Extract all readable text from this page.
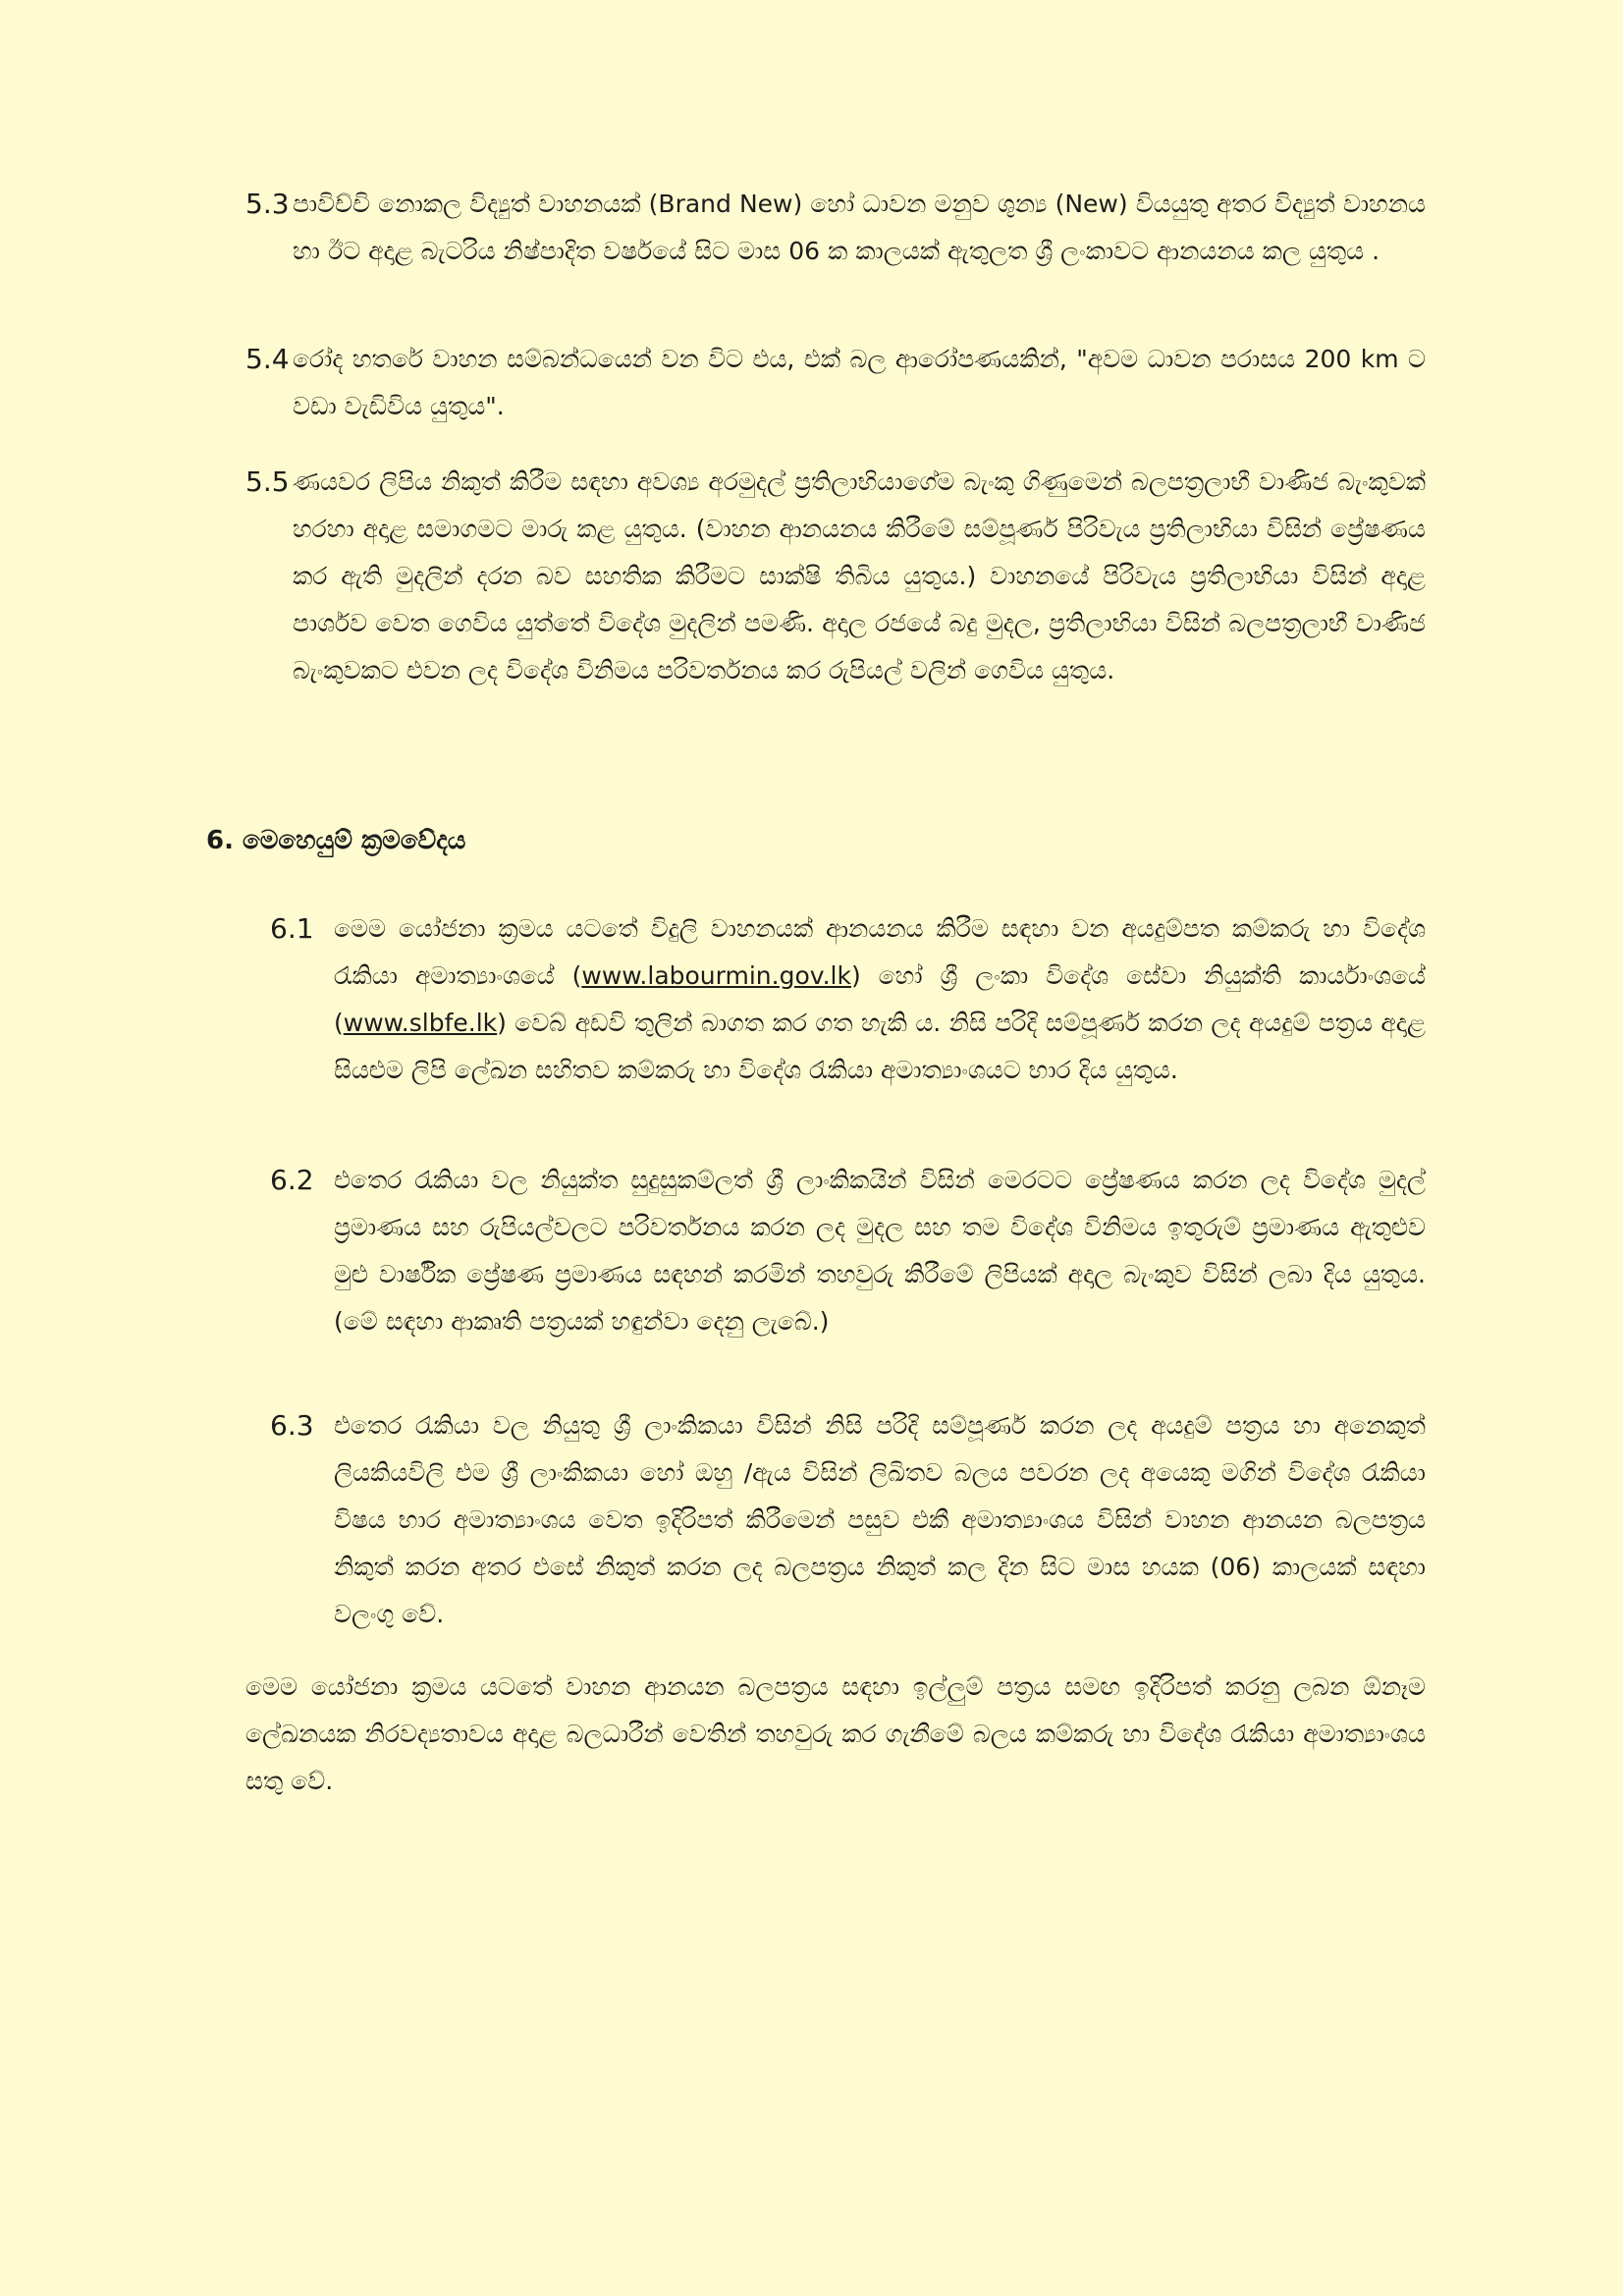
5.3 පාවිච්චි නොකල විද්‍යුත් වාහනයක් (Brand New) හෝ ධාවන මනුව ශුන්‍ය (New) වියයුතු අතර විද්‍යුත් වාහනය හා ඊට අදාළ බැටරිය නිෂ්පාදිත වර්ෂයේ සිට මාස 06 ක කාලයක් ඇතුලත ශ්‍රී ලංකාවට ආනයනය කල යුතුය .
5.4 රෝද හතරේ වාහන සම්බන්ධයෙන් වන විට එය, එක් බල ආරෝපණයකින්, "අවම ධාවන පරාසය 200 km ට වඩා වැඩිවිය යුතුය".
5.5 ණයවර ලිපිය නිකුත් කිරීම සඳහා අවශ්‍ය අරමුදල් ප්‍රතිලාභියාගේම බැංකු ගිණුමෙන් බලපත්‍රලාභී වාණිජ බැංකුවක් හරහා අදාළ සමාගමට මාරු කළ යුතුය. (වාහන ආනයනය කිරීමේ සම්පූර්ණ පිරිවැය ප්‍රතිලාභියා විසින් ප්‍රේෂණය කර ඇති මුදලින් දරන බව සහතික කිරීමට සාක්ෂි තිබිය යුතුය.) වාහනයේ පිරිවැය ප්‍රතිලාභියා විසින් අදාළ පාර්ශව වෙත ගෙවිය යුත්තේ විදේශ මුදලින් පමණි. අදාල රජයේ බදු මුදල, ප්‍රතිලාභියා විසින් බලපත්‍රලාභී වාණිජ බැංකුවකට එවන ලද විදේශ විනිමය පරිවර්තනය කර රුපියල් වලින් ගෙවිය යුතුය.
6. මෙහෙයුම් ක්‍රමවේදය
6.1 මෙම යෝජනා ක්‍රමය යටතේ විදුලි වාහනයක් ආනයනය කිරීම සඳහා වන අයදුම්පත කම්කරු හා විදේශ රැකියා අමාත්‍යාංශයේ (www.labourmin.gov.lk) හෝ ශ්‍රී ලංකා විදේශ සේවා නියුක්ති කාර්යාංශයේ (www.slbfe.lk) වෙබ් අඩවි තුලින් බාගත කර ගත හැකි ය. නිසි පරිදි සම්පූර්ණ කරන ලද අයදුම් පත්‍රය අදාළ සියළුම ලිපි ලේඛන සහිතව කම්කරු හා විදේශ රැකියා අමාත්‍යාංශයට භාර දිය යුතුය.
6.2 එතෙර රැකියා වල නියුක්ත සුදුසුකම්ලත් ශ්‍රී ලාංකිකයින් විසින් මෙරටට ප්‍රේෂණය කරන ලද විදේශ මුදල් ප්‍රමාණය සහ රුපියල්වලට පරිවර්තනය කරන ලද මුදල සහ තම විදේශ විනිමය ඉතුරුම් ප්‍රමාණය ඇතුළුව මුළු වාර්ෂික ප්‍රේෂණ ප්‍රමාණය සඳහන් කරමින් තහවුරු කිරීමේ ලිපියක් අදාල බැංකුව විසින් ලබා දිය යුතුය. (මේ සඳහා ආකෘති පත්‍රයක් හඳුන්වා දෙනු ලැබේ.)
6.3 එතෙර රැකියා වල නියුතු ශ්‍රී ලාංකිකයා විසින් නිසි පරිදි සම්පූර්ණ කරන ලද අයදුම් පත්‍රය හා අනෙකුත් ලියකියවිලි එම ශ්‍රී ලාංකිකයා හෝ ඔහු /ඇය විසින් ලිඛිතව බලය පවරන ලද අයෙකු මගින් විදේශ රැකියා විෂය භාර අමාත්‍යාංශය වෙත ඉදිරිපත් කිරීමෙන් පසුව එකී අමාත්‍යාංශය විසින් වාහන ආනයන බලපත්‍රය නිකුත් කරන අතර එසේ නිකුත් කරන ලද බලපත්‍රය නිකුත් කල දින සිට මාස හයක (06) කාලයක් සඳහා වලංගු වේ.
මෙම යෝජනා ක්‍රමය යටතේ වාහන ආනයන බලපත්‍රය සඳහා ඉල්ලුම් පත්‍රය සමඟ ඉදිරිපත් කරනු ලබන ඕනෑම ලේඛනයක නිරවද්‍යතාවය අදාළ බලධාරීන් වෙතින් තහවුරු කර ගැනීමේ බලය කම්කරු හා විදේශ රැකියා අමාත්‍යාංශය සතු වේ.
